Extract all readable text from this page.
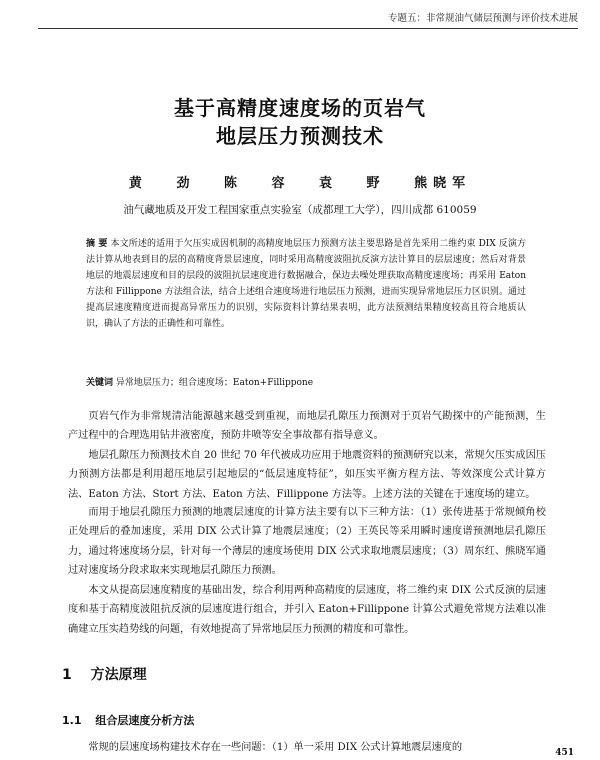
专题五：非常规油气储层预测与评价技术进展
基于高精度速度场的页岩气
地层压力预测技术
黄 劲 陈 容 袁 野 熊晓军
油气藏地质及开发工程国家重点实验室（成都理工大学），四川成都 610059
摘 要 本文所述的适用于欠压实成因机制的高精度地层压力预测方法主要思路是首先采用二维约束 DIX 反演方法计算从地表到目的层的高精度背景层速度，同时采用高精度波阻抗反演方法计算目的层层速度；然后对背景地层的地震层速度和目的层段的波阻抗层速度进行数据融合，保边去噪处理获取高精度速度场；再采用 Eaton 方法和 Fillippone 方法组合法，结合上述组合速度场进行地层压力预测，进而实现异常地层压力区识别。通过提高层速度精度进而提高异常压力的识别，实际资料计算结果表明，此方法预测结果精度较高且符合地质认识，确认了方法的正确性和可靠性。
关键词 异常地层压力；组合速度场；Eaton+Fillippone

页岩气作为非常规清洁能源越来越受到重视，而地层孔隙压力预测对于页岩气勘探中的产能预测，生产过程中的合理选用钻井液密度，预防井喷等安全事故都有指导意义。

地层孔隙压力预测技术自 20 世纪 70 年代被成功应用于地震资料的预测研究以来，常规欠压实成因压力预测方法都是利用超压地层引起地层的“低层速度特征”，如压实平衡方程方法、等效深度公式计算方法、Eaton 方法、Stort 方法、Eaton 方法、Fillippone 方法等。上述方法的关键在于速度场的建立。

而用于地层孔隙压力预测的地震层速度的计算方法主要有以下三种方法：（1）张传进基于常规倾角校正处理后的叠加速度，采用 DIX 公式计算了地震层速度；（2）王英民等采用瞬时速度谱预测地层孔隙压力，通过将速度场分层，针对每一个薄层的速度场使用 DIX 公式求取地震层速度；（3）周东红、熊晓军通过对速度场分段求取来实现地层孔隙压力预测。

本文从提高层速度精度的基础出发，综合利用两种高精度的层速度，将二维约束 DIX 公式反演的层速度和基于高精度波阻抗反演的层速度进行组合，并引入 Eaton+Fillippone 计算公式避免常规方法难以准确建立压实趋势线的问题，有效地提高了异常地层压力预测的精度和可靠性。

1 方法原理
1.1 组合层速度分析方法

常规的层速度场构建技术存在一些问题：（1）单一采用 DIX 公式计算地震层速度的	451
